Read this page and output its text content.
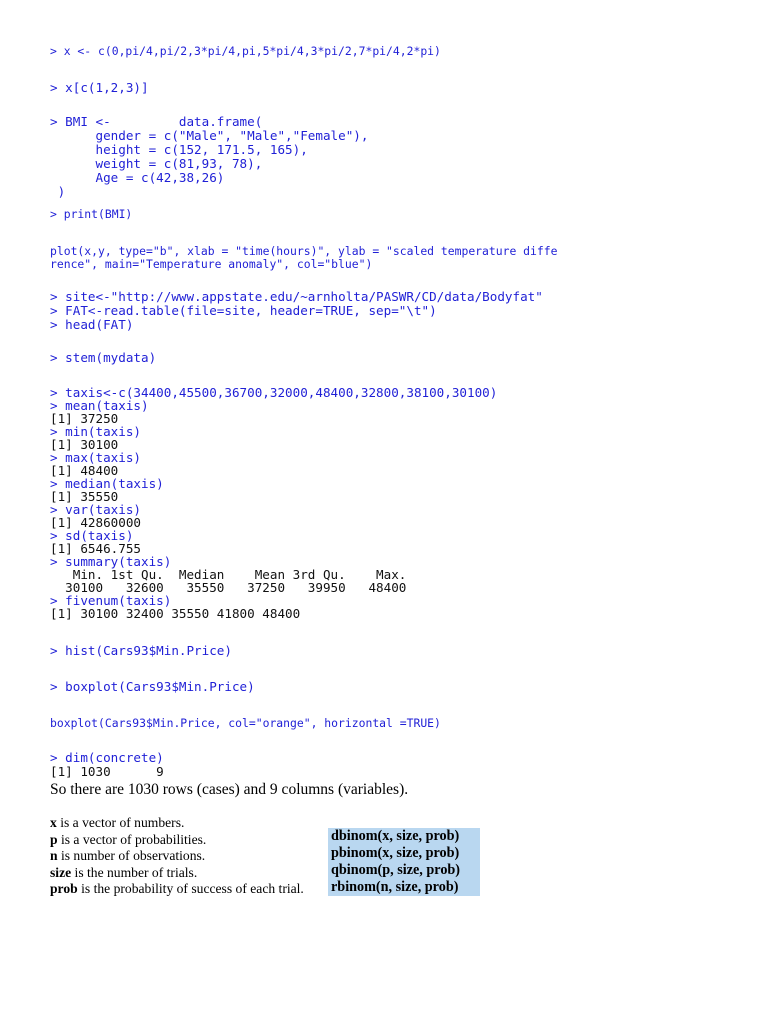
> x <- c(0,pi/4,pi/2,3*pi/4,pi,5*pi/4,3*pi/2,7*pi/4,2*pi)
> x[c(1,2,3)]
> BMI <-         data.frame(
gender = c("Male", "Male","Female"),
height = c(152, 171.5, 165),
weight = c(81,93, 78),
Age = c(42,38,26)
)
> print(BMI)
plot(x,y, type="b", xlab = "time(hours)", ylab = "scaled temperature diffe
rence", main="Temperature anomaly", col="blue")
> site<-"http://www.appstate.edu/~arnholta/PASWR/CD/data/Bodyfat"
> FAT<-read.table(file=site, header=TRUE, sep="\t")
> head(FAT)
> stem(mydata)
> taxis<-c(34400,45500,36700,32000,48400,32800,38100,30100)
> mean(taxis)
[1] 37250
> min(taxis)
[1] 30100
> max(taxis)
[1] 48400
> median(taxis)
[1] 35550
> var(taxis)
[1] 42860000
> sd(taxis)
[1] 6546.755
> summary(taxis)
Min. 1st Qu.  Median    Mean 3rd Qu.    Max.
30100   32600   35550   37250   39950   48400
> fivenum(taxis)
[1] 30100 32400 35550 41800 48400
> hist(Cars93$Min.Price)
> boxplot(Cars93$Min.Price)
boxplot(Cars93$Min.Price, col="orange", horizontal =TRUE)
> dim(concrete)
[1] 1030      9
So there are 1030 rows (cases) and 9 columns (variables).
x is a vector of numbers.
p is a vector of probabilities.
n is number of observations.
size is the number of trials.
prob is the probability of success of each trial.
dbinom(x, size, prob)
pbinom(x, size, prob)
qbinom(p, size, prob)
rbinom(n, size, prob)
